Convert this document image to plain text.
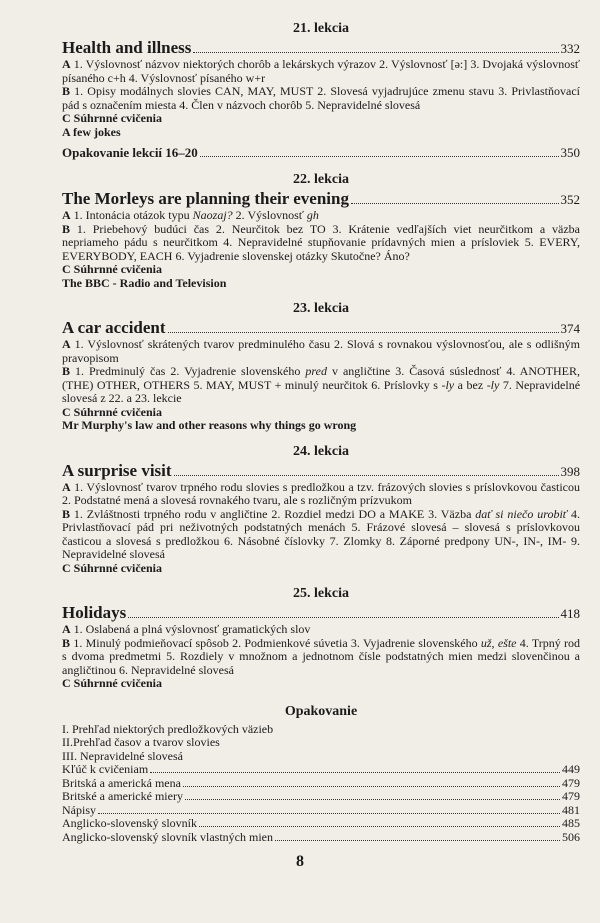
21. lekcia
Health and illness	332

A 1. Výslovnosť názvov niektorých chorôb a lekárskych výrazov 2. Výslovnosť [ə:] 3. Dvojaká výslovnosť písaného c+h 4. Výslovnosť písaného w+r

B 1. Opisy modálnych slovies CAN, MAY, MUST 2. Slovesá vyjadrujúce zmenu stavu 3. Privlastňovací pád s označením miesta 4. Člen v názvoch chorôb 5. Nepravidelné slovesá

C Súhrnné cvičenia
A few jokes
Opakovanie lekcií 16–20	350
22. lekcia
The Morleys are planning their evening	352

A 1. Intonácia otázok typu Naozaj? 2. Výslovnosť gh

B 1. Priebehový budúci čas 2. Neurčitok bez TO 3. Krátenie vedľajších viet neurčitkom a väzba nepriameho pádu s neurčitkom 4. Nepravidelné stupňovanie prídavných mien a prísloviek 5. EVERY, EVERYBODY, EACH 6. Vyjadrenie slovenskej otázky Skutočne? Áno?

C Súhrnné cvičenia
The BBC - Radio and Television
23. lekcia
A car accident	374

A 1. Výslovnosť skrátených tvarov predminulého času 2. Slová s rovnakou výslovnosťou, ale s odlišným pravopisom

B 1. Predminulý čas 2. Vyjadrenie slovenského pred v angličtine 3. Časová súslednosť 4. ANOTHER, (THE) OTHER, OTHERS 5. MAY, MUST + minulý neurčitok 6. Príslovky s -ly a bez -ly 7. Nepravidelné slovesá z 22. a 23. lekcie

C Súhrnné cvičenia
Mr Murphy's law and other reasons why things go wrong
24. lekcia
A surprise visit	398

A 1. Výslovnosť tvarov trpného rodu slovies s predložkou a tzv. frázových slovies s príslovkovou časticou 2. Podstatné mená a slovesá rovnakého tvaru, ale s rozličným prízvukom

B 1. Zvláštnosti trpného rodu v angličtine 2. Rozdiel medzi DO a MAKE 3. Väzba dať si niečo urobiť 4. Privlastňovací pád pri neživotných podstatných menách 5. Frázové slovesá – slovesá s príslovkovou časticou a slovesá s predložkou 6. Násobné číslovky 7. Zlomky 8. Záporné predpony UN-, IN-, IM- 9. Nepravidelné slovesá

C Súhrnné cvičenia
25. lekcia
Holidays	418

A 1. Oslabená a plná výslovnosť gramatických slov

B 1. Minulý podmieňovací spôsob 2. Podmienkové súvetia 3. Vyjadrenie slovenského už, ešte 4. Trpný rod s dvoma predmetmi 5. Rozdiely v množnom a jednotnom čísle podstatných mien medzi slovenčinou a angličtinou 6. Nepravidelné slovesá

C Súhrnné cvičenia
Opakovanie
I. Prehľad niektorých predložkových väzieb
II.Prehľad časov a tvarov slovies
III. Nepravidelné slovesá
Kľúč k cvičeniam	449
Britská a americká mena	479
Britské a americké miery	479
Nápisy	481
Anglicko-slovenský slovník	485
Anglicko-slovenský slovník vlastných mien	506
8
